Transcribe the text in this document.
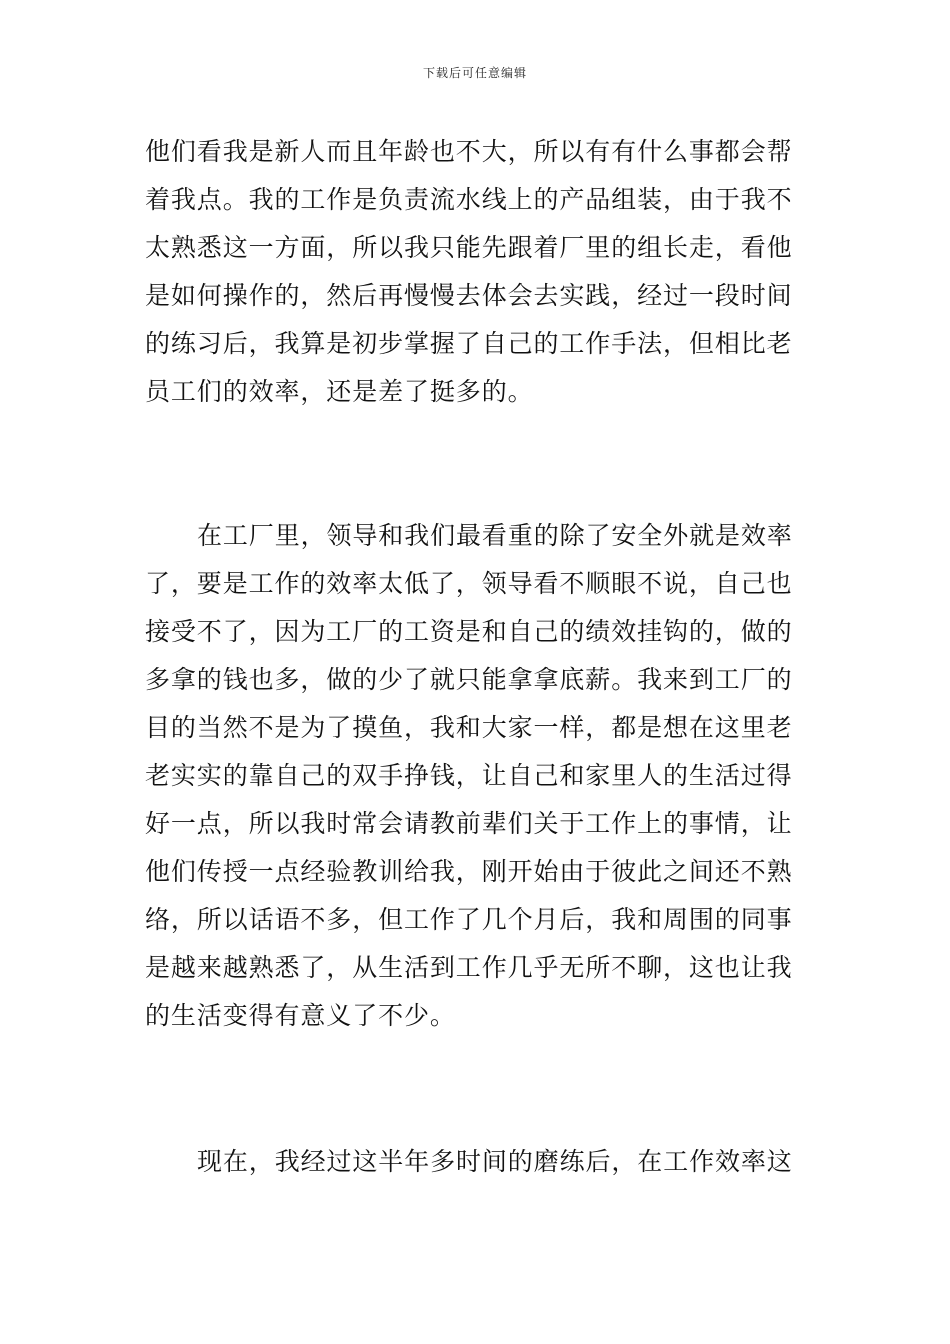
下载后可任意编辑
他们看我是新人而且年龄也不大，所以有有什么事都会帮
着我点。我的工作是负责流水线上的产品组装，由于我不
太熟悉这一方面，所以我只能先跟着厂里的组长走，看他
是如何操作的，然后再慢慢去体会去实践，经过一段时间
的练习后，我算是初步掌握了自己的工作手法，但相比老
员工们的效率，还是差了挺多的。
在工厂里，领导和我们最看重的除了安全外就是效率
了，要是工作的效率太低了，领导看不顺眼不说，自己也
接受不了，因为工厂的工资是和自己的绩效挂钩的，做的
多拿的钱也多，做的少了就只能拿拿底薪。我来到工厂的
目的当然不是为了摸鱼，我和大家一样，都是想在这里老
老实实的靠自己的双手挣钱，让自己和家里人的生活过得
好一点，所以我时常会请教前辈们关于工作上的事情，让
他们传授一点经验教训给我，刚开始由于彼此之间还不熟
络，所以话语不多，但工作了几个月后，我和周围的同事
是越来越熟悉了，从生活到工作几乎无所不聊，这也让我
的生活变得有意义了不少。
现在，我经过这半年多时间的磨练后，在工作效率这
